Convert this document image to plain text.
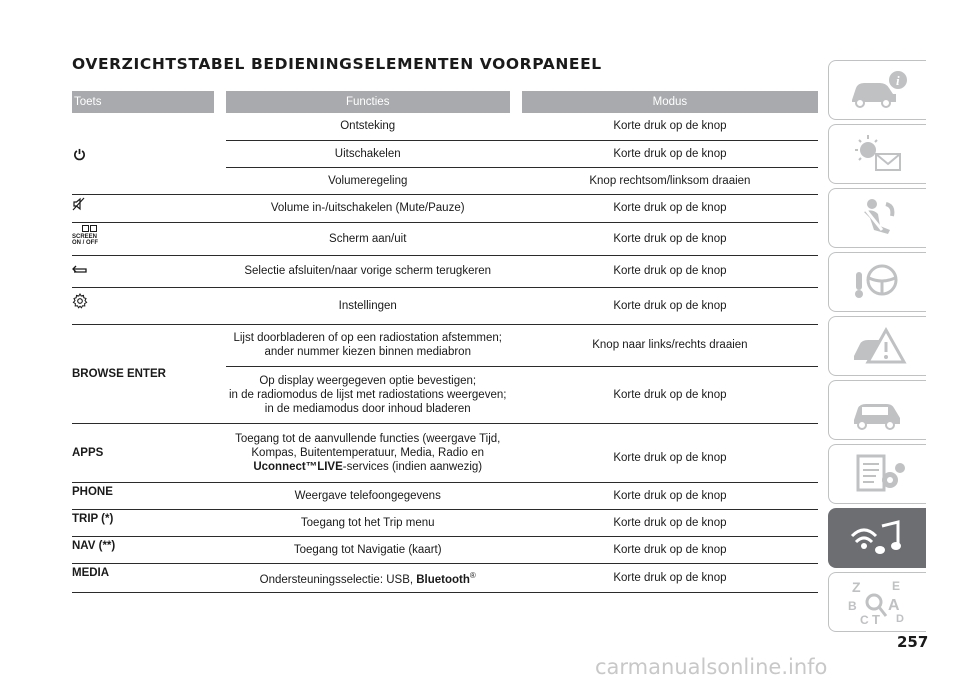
OVERZICHTSTABEL BEDIENINGSELEMENTEN VOORPANEEL
Toets		Functies		Modus
		Ontsteking		Korte druk op de knop
		Uitschakelen		Korte druk op de knop
		Volumeregeling		Knop rechtsom/linksom draaien
		Volume in-/uitschakelen (Mute/Pauze)		Korte druk op de knop

SCREEN
ON / OFF		Scherm aan/uit		Korte druk op de knop
		Selectie afsluiten/naar vorige scherm terugkeren		Korte druk op de knop
		Instellingen		Korte druk op de knop
BROWSE ENTER		Lijst doorbladeren of op een radiostation afstemmen;
ander nummer kiezen binnen mediabron		Knop naar links/rechts draaien
		Op display weergegeven optie bevestigen;
in de radiomodus de lijst met radiostations weergeven;
in de mediamodus door inhoud bladeren		Korte druk op de knop
APPS		Toegang tot de aanvullende functies (weergave Tijd,
Kompas, Buitentemperatuur, Media, Radio en
Uconnect™LIVE-services (indien aanwezig)		Korte druk op de knop
PHONE		Weergave telefoongegevens		Korte druk op de knop
TRIP (*)		Toegang tot het Trip menu		Korte druk op de knop
NAV (**)		Toegang tot Navigatie (kaart)		Korte druk op de knop
MEDIA		Ondersteuningsselectie: USB, Bluetooth®		Korte druk op de knop
i
Z	E
B A
C T D
257
carmanualsonline.info
